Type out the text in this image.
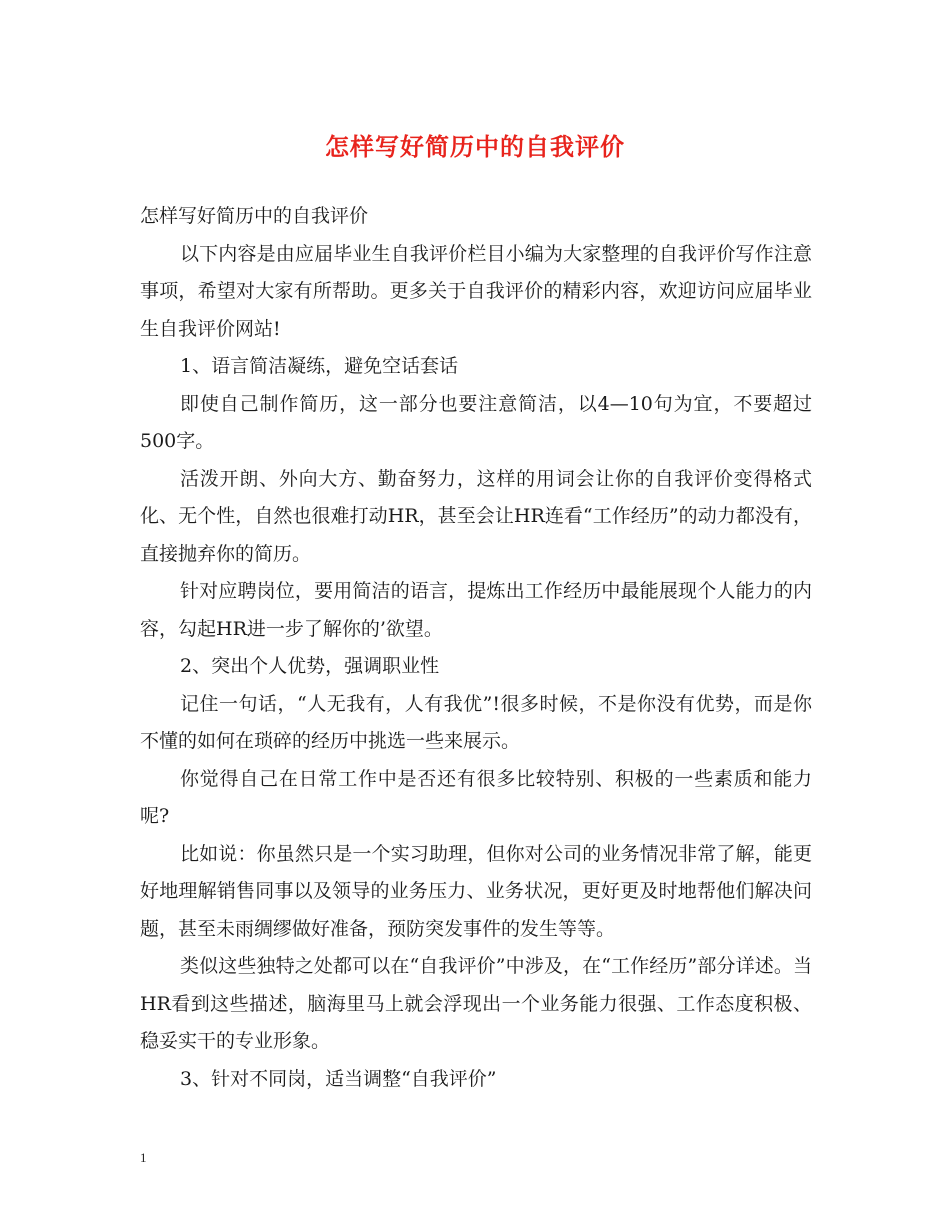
怎样写好简历中的自我评价

怎样写好简历中的自我评价

以下内容是由应届毕业生自我评价栏目小编为大家整理的自我评价写作注意事项，希望对大家有所帮助。更多关于自我评价的精彩内容，欢迎访问应届毕业生自我评价网站!

1、语言简洁凝练，避免空话套话

即使自己制作简历，这一部分也要注意简洁，以4—10句为宜，不要超过500字。

活泼开朗、外向大方、勤奋努力，这样的用词会让你的自我评价变得格式化、无个性，自然也很难打动HR，甚至会让HR连看“工作经历”的动力都没有，直接抛弃你的简历。

针对应聘岗位，要用简洁的语言，提炼出工作经历中最能展现个人能力的内容，勾起HR进一步了解你的’欲望。

2、突出个人优势，强调职业性

记住一句话，“人无我有，人有我优”!很多时候，不是你没有优势，而是你不懂的如何在琐碎的经历中挑选一些来展示。

你觉得自己在日常工作中是否还有很多比较特别、积极的一些素质和能力呢?

比如说：你虽然只是一个实习助理，但你对公司的业务情况非常了解，能更好地理解销售同事以及领导的业务压力、业务状况，更好更及时地帮他们解决问题，甚至未雨绸缪做好准备，预防突发事件的发生等等。

类似这些独特之处都可以在“自我评价”中涉及，在“工作经历”部分详述。当HR看到这些描述，脑海里马上就会浮现出一个业务能力很强、工作态度积极、稳妥实干的专业形象。

3、针对不同岗，适当调整“自我评价”

1
